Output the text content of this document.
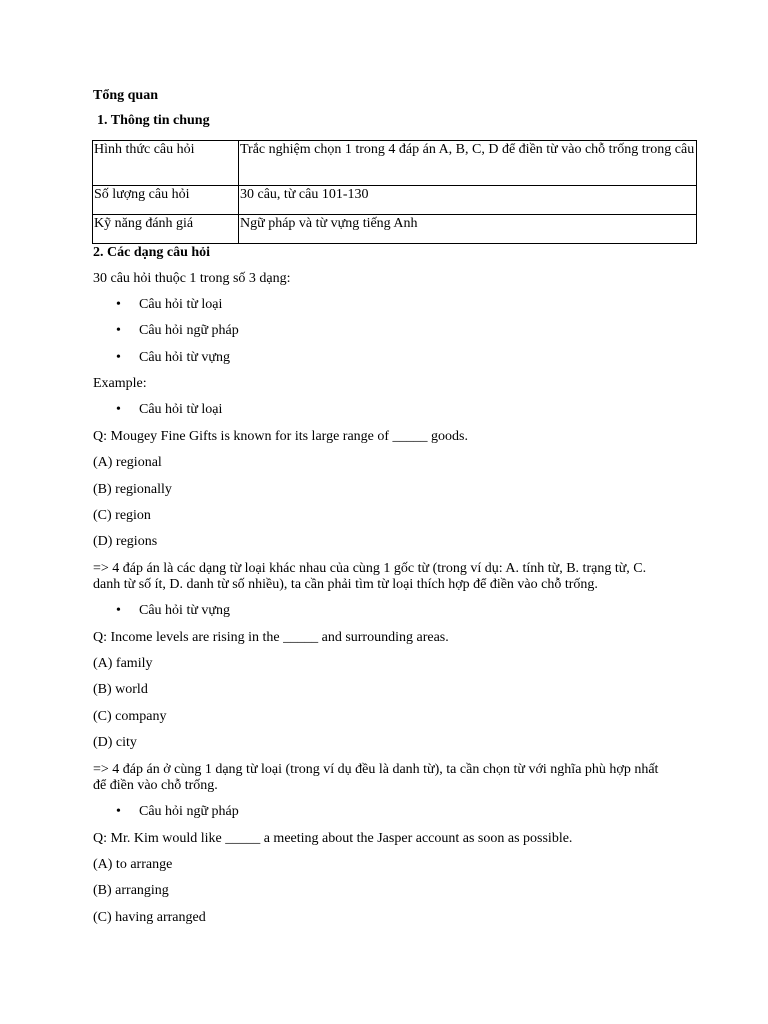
Tổng quan
1. Thông tin chung
Hình thức câu hỏi	Trắc nghiệm chọn 1 trong 4 đáp án A, B, C, D để điền từ vào chỗ trống trong câu
Số lượng câu hỏi	30 câu, từ câu 101-130
Kỹ năng đánh giá	Ngữ pháp và từ vựng tiếng Anh
2. Các dạng câu hỏi
30 câu hỏi thuộc 1 trong số 3 dạng:
• Câu hỏi từ loại
• Câu hỏi ngữ pháp
• Câu hỏi từ vựng
Example:
• Câu hỏi từ loại
Q: Mougey Fine Gifts is known for its large range of _____ goods.
(A) regional
(B) regionally
(C) region
(D) regions
=> 4 đáp án là các dạng từ loại khác nhau của cùng 1 gốc từ (trong ví dụ: A. tính từ, B. trạng từ, C. danh từ số ít, D. danh từ số nhiều), ta cần phải tìm từ loại thích hợp để điền vào chỗ trống.
• Câu hỏi từ vựng
Q: Income levels are rising in the _____ and surrounding areas.
(A) family
(B) world
(C) company
(D) city
=> 4 đáp án ở cùng 1 dạng từ loại (trong ví dụ đều là danh từ), ta cần chọn từ với nghĩa phù hợp nhất để điền vào chỗ trống.
• Câu hỏi ngữ pháp
Q: Mr. Kim would like _____ a meeting about the Jasper account as soon as possible.
(A) to arrange
(B) arranging
(C) having arranged
